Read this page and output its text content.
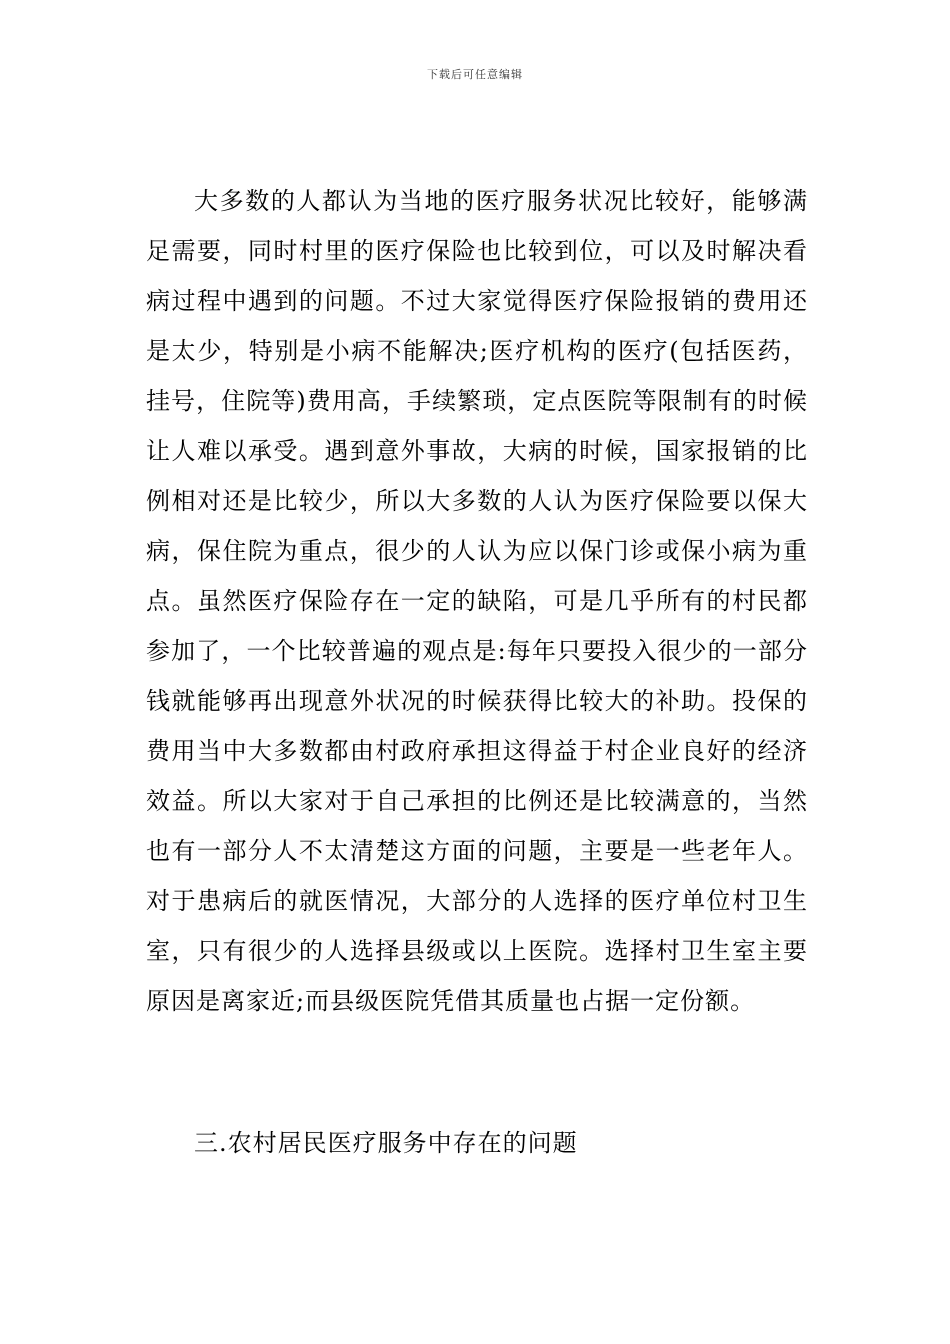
下载后可任意编辑

大多数的人都认为当地的医疗服务状况比较好，能够满足需要，同时村里的医疗保险也比较到位，可以及时解决看病过程中遇到的问题。不过大家觉得医疗保险报销的费用还是太少，特别是小病不能解决;医疗机构的医疗(包括医药，挂号，住院等)费用高，手续繁琐，定点医院等限制有的时候让人难以承受。遇到意外事故，大病的时候，国家报销的比例相对还是比较少，所以大多数的人认为医疗保险要以保大病，保住院为重点，很少的人认为应以保门诊或保小病为重点。虽然医疗保险存在一定的缺陷，可是几乎所有的村民都参加了，一个比较普遍的观点是:每年只要投入很少的一部分钱就能够再出现意外状况的时候获得比较大的补助。投保的费用当中大多数都由村政府承担这得益于村企业良好的经济效益。所以大家对于自己承担的比例还是比较满意的，当然也有一部分人不太清楚这方面的问题，主要是一些老年人。对于患病后的就医情况，大部分的人选择的医疗单位村卫生室，只有很少的人选择县级或以上医院。选择村卫生室主要原因是离家近;而县级医院凭借其质量也占据一定份额。

三.农村居民医疗服务中存在的问题
